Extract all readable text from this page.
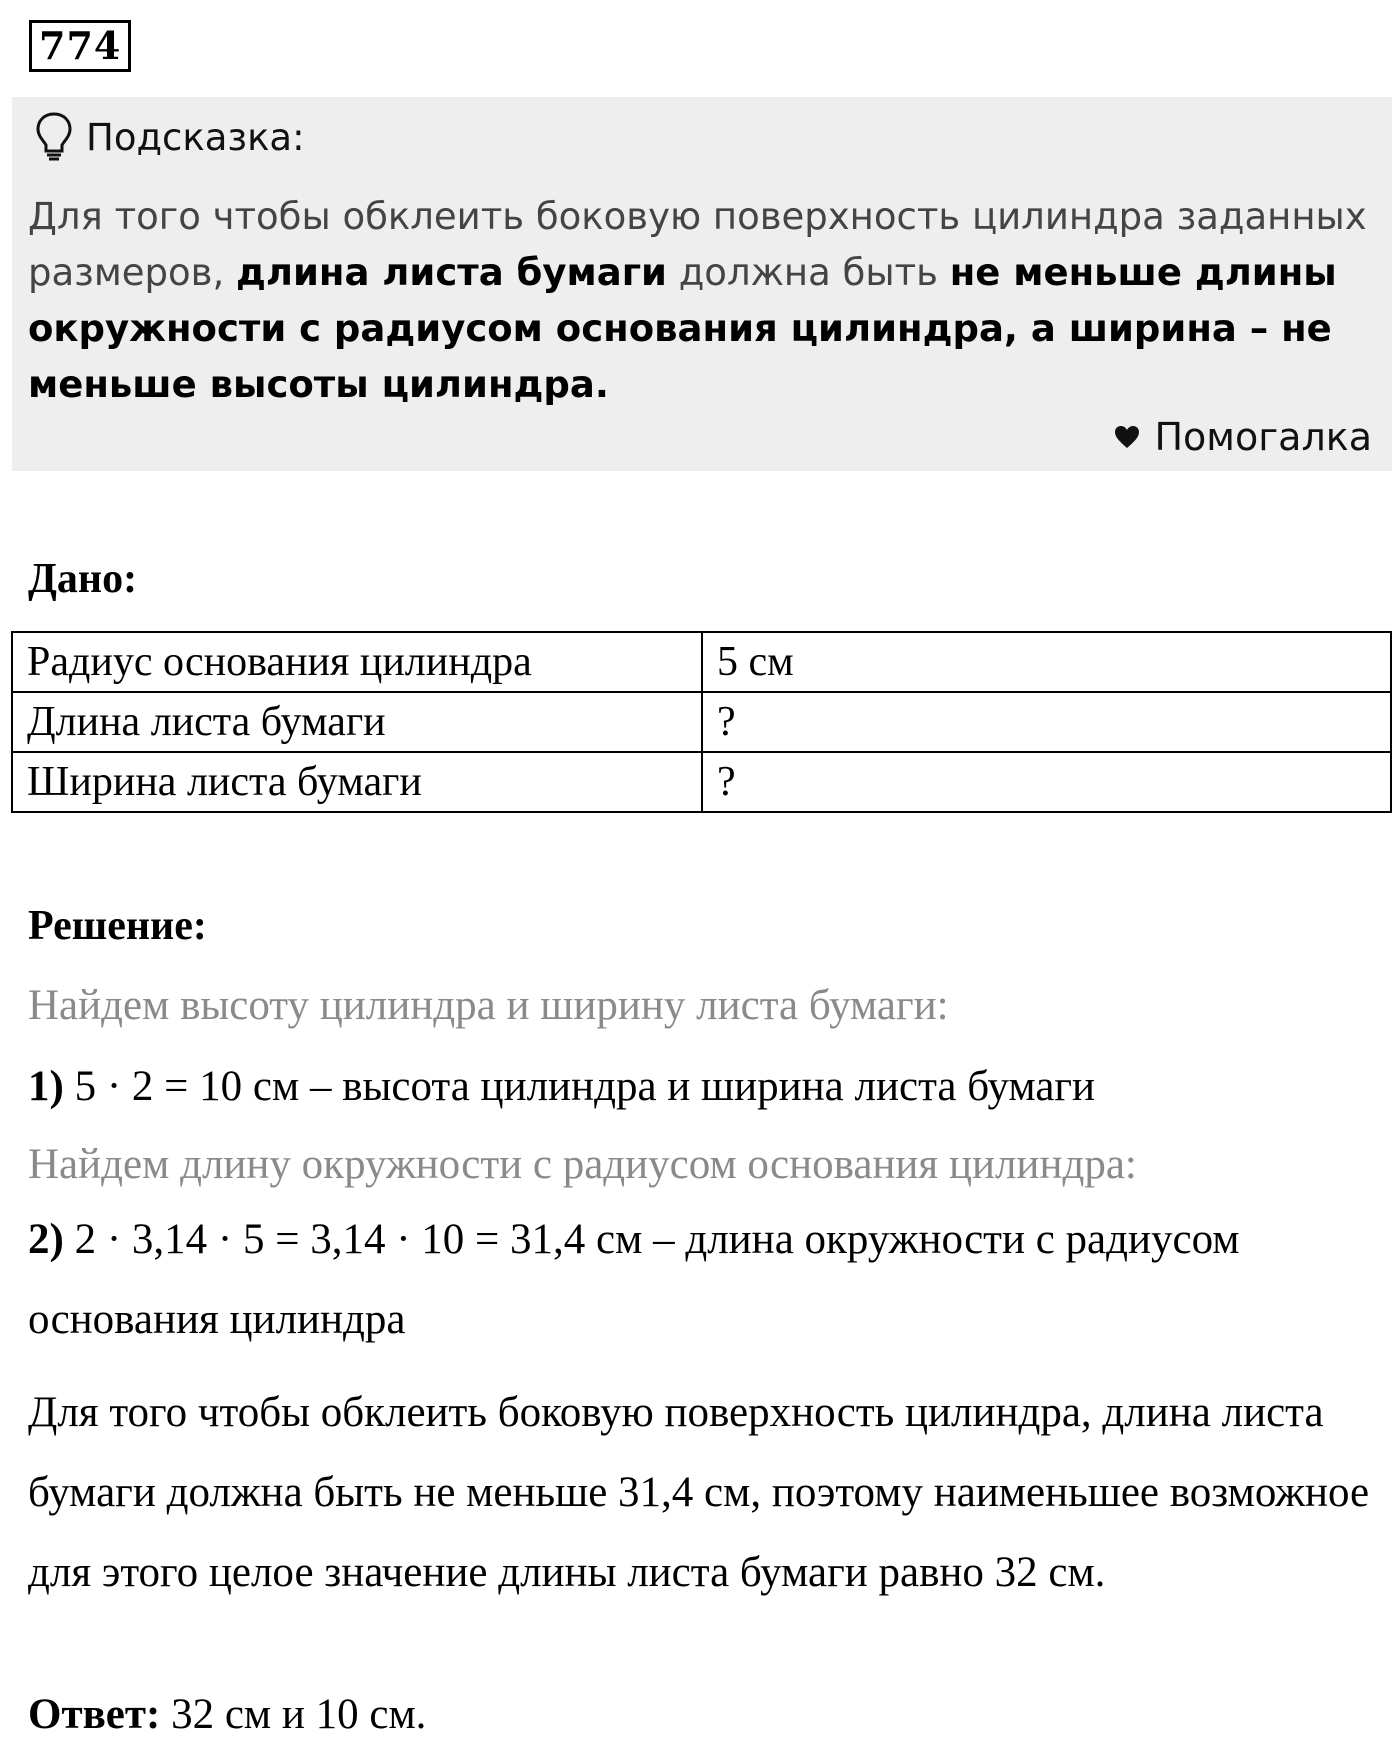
774
Подсказка:
Для того чтобы обклеить боковую поверхность цилиндра заданных размеров, длина листа бумаги должна быть не меньше длины окружности с радиусом основания цилиндра, а ширина – не меньше высоты цилиндра.
Помогалка
Дано:
Радиус основания цилиндра	5 см
Длина листа бумаги	?
Ширина листа бумаги	?
Решение:
Найдем высоту цилиндра и ширину листа бумаги:
1) 5 · 2 = 10 см – высота цилиндра и ширина листа бумаги
Найдем длину окружности с радиусом основания цилиндра:
2) 2 · 3,14 · 5 = 3,14 · 10 = 31,4 см – длина окружности с радиусом
основания цилиндра
Для того чтобы обклеить боковую поверхность цилиндра, длина листа бумаги должна быть не меньше 31,4 см, поэтому наименьшее возможное для этого целое значение длины листа бумаги равно 32 см.
Ответ: 32 см и 10 см.
